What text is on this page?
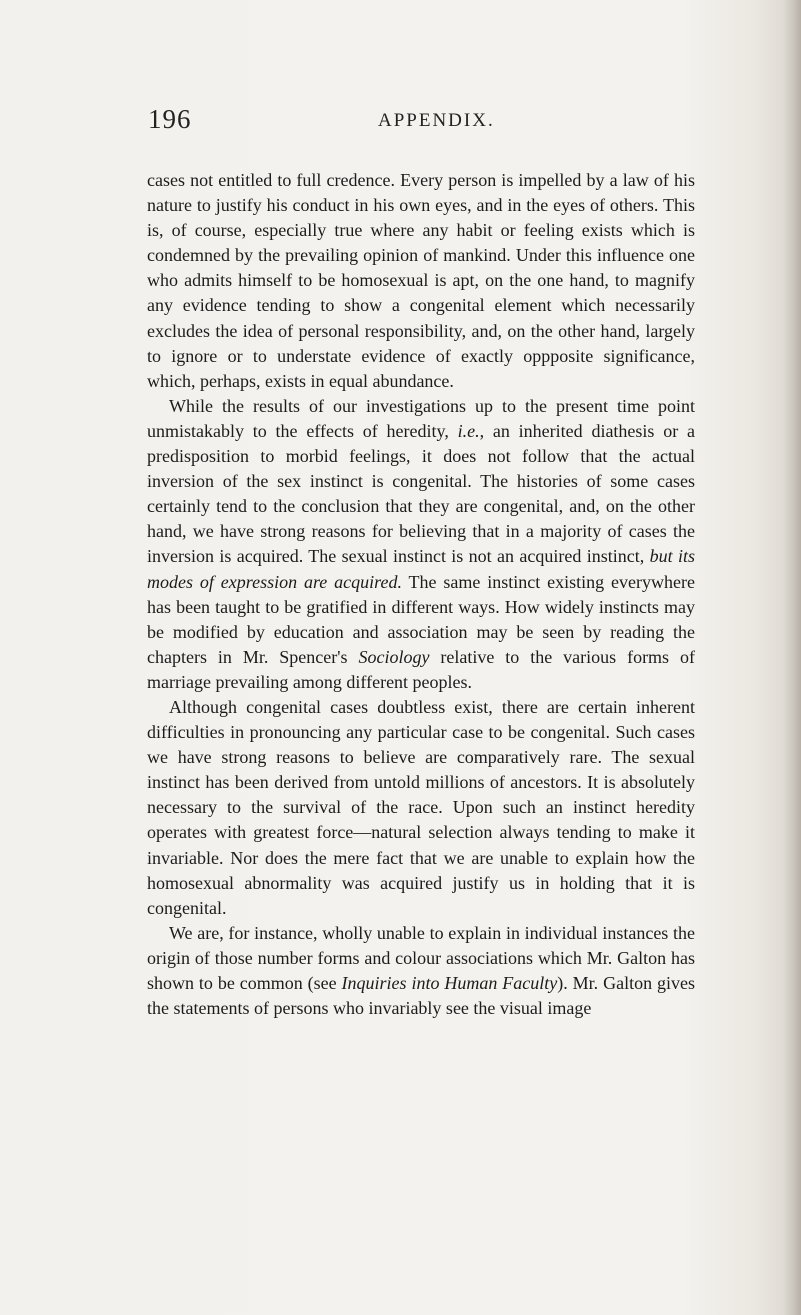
196	APPENDIX.

cases not entitled to full credence. Every person is impelled by a law of his nature to justify his conduct in his own eyes, and in the eyes of others. This is, of course, especially true where any habit or feeling exists which is condemned by the prevailing opinion of mankind. Under this influence one who admits himself to be homosexual is apt, on the one hand, to magnify any evidence tending to show a congenital element which necessarily excludes the idea of personal responsibility, and, on the other hand, largely to ignore or to understate evidence of exactly oppposite significance, which, perhaps, exists in equal abundance.

While the results of our investigations up to the present time point unmistakably to the effects of heredity, i.e., an inherited diathesis or a predisposition to morbid feelings, it does not follow that the actual inversion of the sex instinct is congenital. The histories of some cases certainly tend to the conclusion that they are congenital, and, on the other hand, we have strong reasons for believing that in a majority of cases the inversion is acquired. The sexual instinct is not an acquired instinct, but its modes of expression are acquired. The same instinct existing everywhere has been taught to be gratified in different ways. How widely instincts may be modified by education and association may be seen by reading the chapters in Mr. Spencer's Sociology relative to the various forms of marriage prevailing among different peoples.

Although congenital cases doubtless exist, there are certain inherent difficulties in pronouncing any particular case to be congenital. Such cases we have strong reasons to believe are comparatively rare. The sexual instinct has been derived from untold millions of ancestors. It is absolutely necessary to the survival of the race. Upon such an instinct heredity operates with greatest force—natural selection always tending to make it invariable. Nor does the mere fact that we are unable to explain how the homosexual abnormality was acquired justify us in holding that it is congenital.

We are, for instance, wholly unable to explain in individual instances the origin of those number forms and colour associations which Mr. Galton has shown to be common (see Inquiries into Human Faculty). Mr. Galton gives the statements of persons who invariably see the visual image
